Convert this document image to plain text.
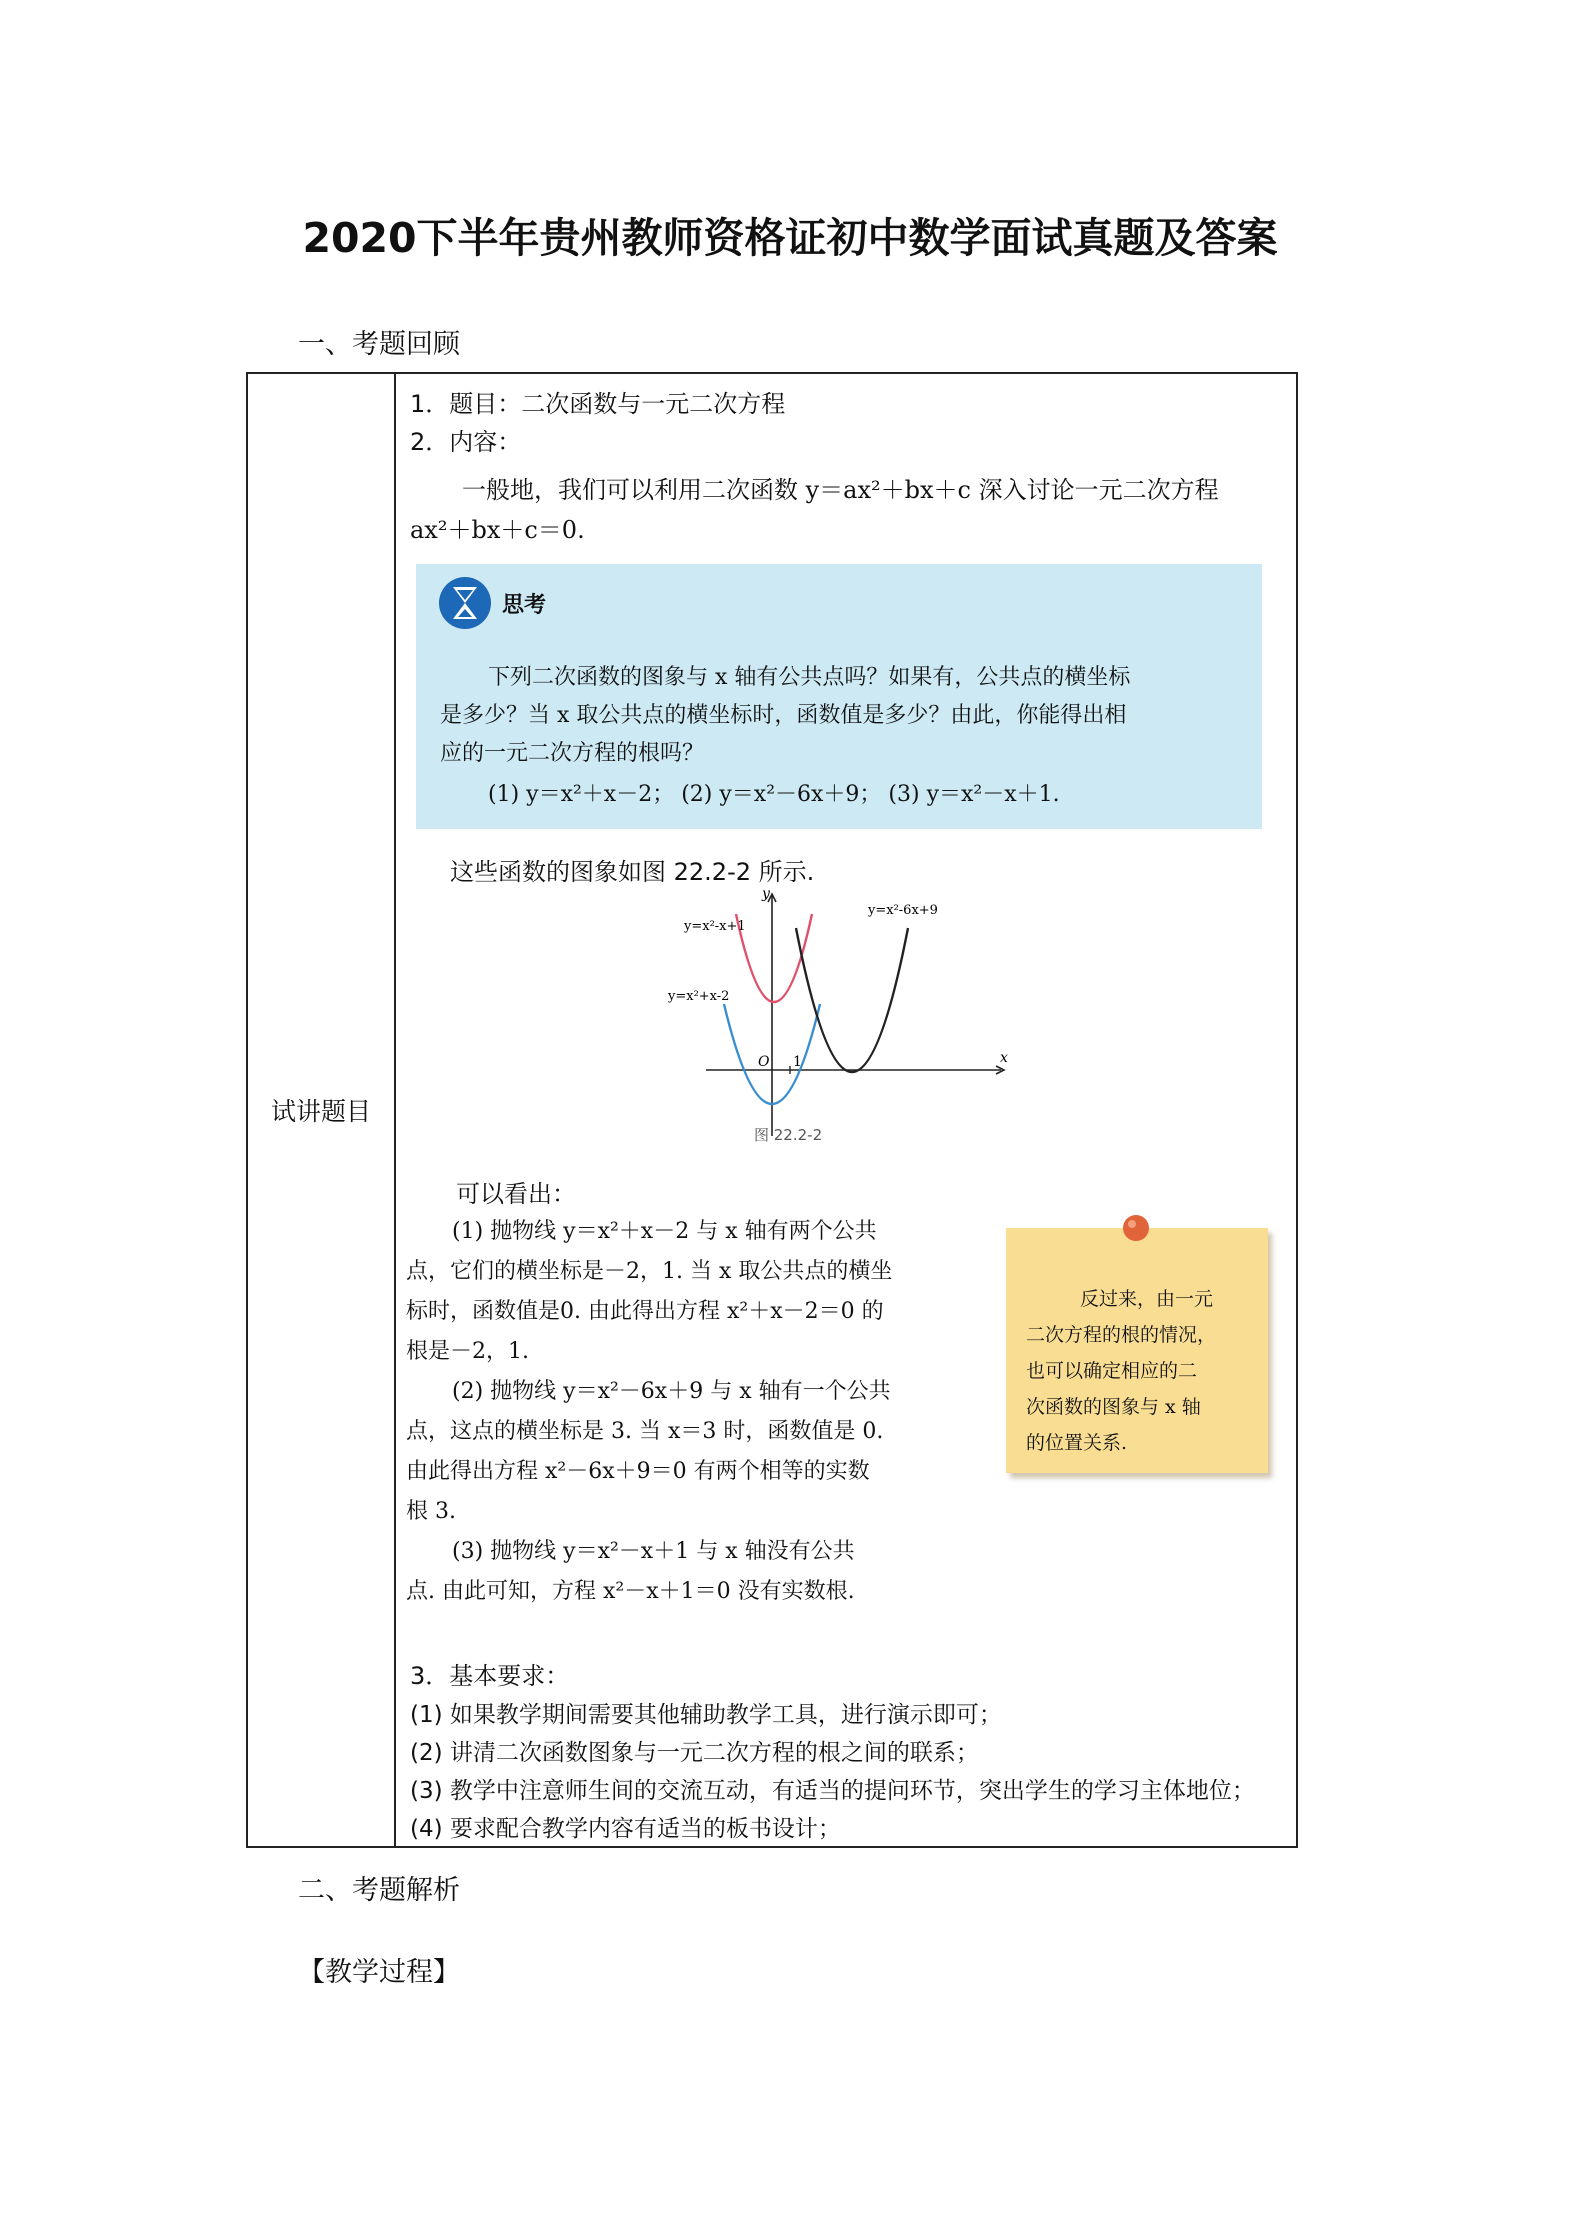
2020下半年贵州教师资格证初中数学面试真题及答案
一、考题回顾
试讲题目	
1．题目：二次函数与一元二次方程
2．内容：
一般地，我们可以利用二次函数 y＝ax²＋bx＋c 深入讨论一元二次方程
ax²＋bx＋c＝0.
思考
下列二次函数的图象与 x 轴有公共点吗？如果有，公共点的横坐标
是多少？当 x 取公共点的横坐标时，函数值是多少？由此，你能得出相
应的一元二次方程的根吗？
(1) y＝x²＋x－2； (2) y＝x²－6x＋9； (3) y＝x²－x＋1.
这些函数的图象如图 22.2-2 所示.
y=x²-x+1
y=x²-6x+9
y=x²+x-2
y
x
O 1
图 22.2-2
可以看出：
(1) 抛物线 y＝x²＋x－2 与 x 轴有两个公共
点，它们的横坐标是－2，1. 当 x 取公共点的横坐
标时，函数值是0. 由此得出方程 x²＋x－2＝0 的
根是－2，1.
(2) 抛物线 y＝x²－6x＋9 与 x 轴有一个公共
点，这点的横坐标是 3. 当 x＝3 时，函数值是 0.
由此得出方程 x²－6x＋9＝0 有两个相等的实数
根 3.
(3) 抛物线 y＝x²－x＋1 与 x 轴没有公共
点. 由此可知，方程 x²－x＋1＝0 没有实数根.
反过来，由一元
二次方程的根的情况，
也可以确定相应的二
次函数的图象与 x 轴
的位置关系.
3．基本要求：
(1) 如果教学期间需要其他辅助教学工具，进行演示即可；
(2) 讲清二次函数图象与一元二次方程的根之间的联系；
(3) 教学中注意师生间的交流互动，有适当的提问环节，突出学生的学习主体地位；
(4) 要求配合教学内容有适当的板书设计；
二、考题解析
【教学过程】
